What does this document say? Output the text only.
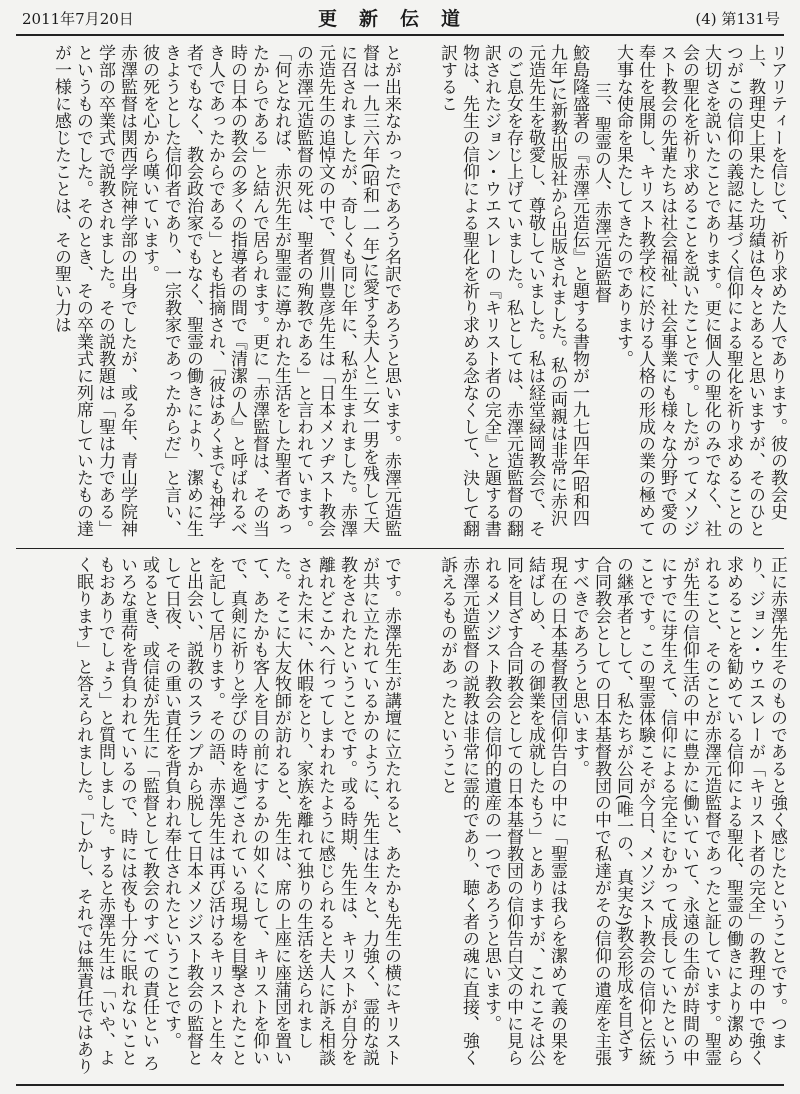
2011年7月20日	更新伝道	(4) 第131号
リアリティーを信じて、祈り求めた人であります。彼の教会史上、教理史上果たした功績は色々とあると思いますが、そのひとつがこの信仰の義認に基づく信仰による聖化を祈り求めることの大切さを説いたことであります。更に個人の聖化のみでなく、社会の聖化を祈り求めることを説いたことです。したがってメソジスト教会の先輩たちは社会福祉、社会事業にも様々な分野で愛の奉仕を展開し、キリスト教学校に於ける人格の形成の業の極めて大事な使命を果たしてきたのであります。
三、聖霊の人、赤澤元造監督
鮫島隆盛著の『赤澤元造伝』と題する書物が一九七四年(昭和四九年)に新教出版社から出版されました。私の両親は非常に赤沢元造先生を敬愛し、尊敬していました。私は経堂緑岡教会で、そのご息女を存じ上げていました。私としては、赤澤元造監督の翻訳されたジョン・ウエスレーの『キリスト者の完全』と題する書物は、先生の信仰による聖化を祈り求める念なくして、決して翻訳するこ
とが出来なかったであろう名訳であろうと思います。赤澤元造監督は一九三六年(昭和一一年)に愛する夫人と二女一男を残して天に召されましたが、奇しくも同じ年に、私が生まれました。赤澤元造先生の追悼文の中で、賀川豊彦先生は「日本メソヂスト教会の赤澤元造監督の死は、聖者の殉教である」と言われています。「何となれば、赤沢先生が聖霊に導かれた生活をした聖者であったからである」と結んで居られます。更に「赤澤監督は、その当時の日本の教会の多くの指導者の間で『清潔の人』と呼ばれるべき人であったからである」とも指摘され、「彼はあくまでも神学者でもなく、教会政治家でもなく、聖霊の働きにより、潔めに生きようとした信仰者であり、一宗教家であったからだ」と言い、彼の死を心から嘆いています。
赤澤監督は関西学院神学部の出身でしたが、或る年、青山学院神学部の卒業式で説教されました。その説教題は「聖は力である」というものでした。そのとき、その卒業式に列席していたもの達が一様に感じたことは、その聖い力は
正に赤澤先生そのものであると強く感じたということです。つまり、ジョン・ウエスレーが「キリスト者の完全」の教理の中で強く求めることを勧めている信仰による聖化、聖霊の働きにより潔められること、そのことが赤澤元造監督であったと証しています。聖霊が先生の信仰生活の中に豊かに働いていて、永遠の生命が時間の中にすでに芽生えて、信仰による完全にむかって成長していたということです。この聖霊体験こそが今日、メソジスト教会の信仰と伝統の継承者として、私たちが公同(唯一の、真実な)教会形成を目ざす合同教会としての日本基督教団の中で私達がその信仰の遺産を主張すべきであろうと思います。
現在の日本基督教団信仰告白の中に「聖霊は我らを潔めて義の果を結ばしめ、その御業を成就したもう」とありますが、これこそは公同を目ざす合同教会としての日本基督教団の信仰告白文の中に見られるメソジスト教会の信仰的遺産の一つであろうと思います。
赤澤元造監督の説教は非常に霊的であり、聴く者の魂に直接、強く訴えるものがあったということ
です。赤澤先生が講壇に立たれると、あたかも先生の横にキリストが共に立たれているかのように、先生は生々と、力強く、霊的な説教をされたということです。或る時期、先生は、キリストが自分を離れどこかへ行ってしまわれたように感じられると夫人に訴え相談された末に、休暇をとり、家族を離れて独りの生活を送られました。そこに大友牧師が訪れると、先生は、席の上座に座蒲団を置いて、あたかも客人を目の前にするかの如くにして、キリストを仰いで、真剣に祈りと学びの時を過ごされている現場を目撃されたことを記して居ります。その語、赤澤先生は再び活けるキリストと生々と出会い、説教のスランプから脱して日本メソジスト教会の監督として日夜、その重い責任を背負われ奉仕されたということです。
或るとき、或信徒が先生に「監督として教会のすべての責任とい ろいろな重荷を背負われているので、時には夜も十分に眠れないこともおありでしょう」と質問しました。すると赤澤先生は「いや、よく眠ります」と答えられました。「しかし、それでは無責任ではあり
